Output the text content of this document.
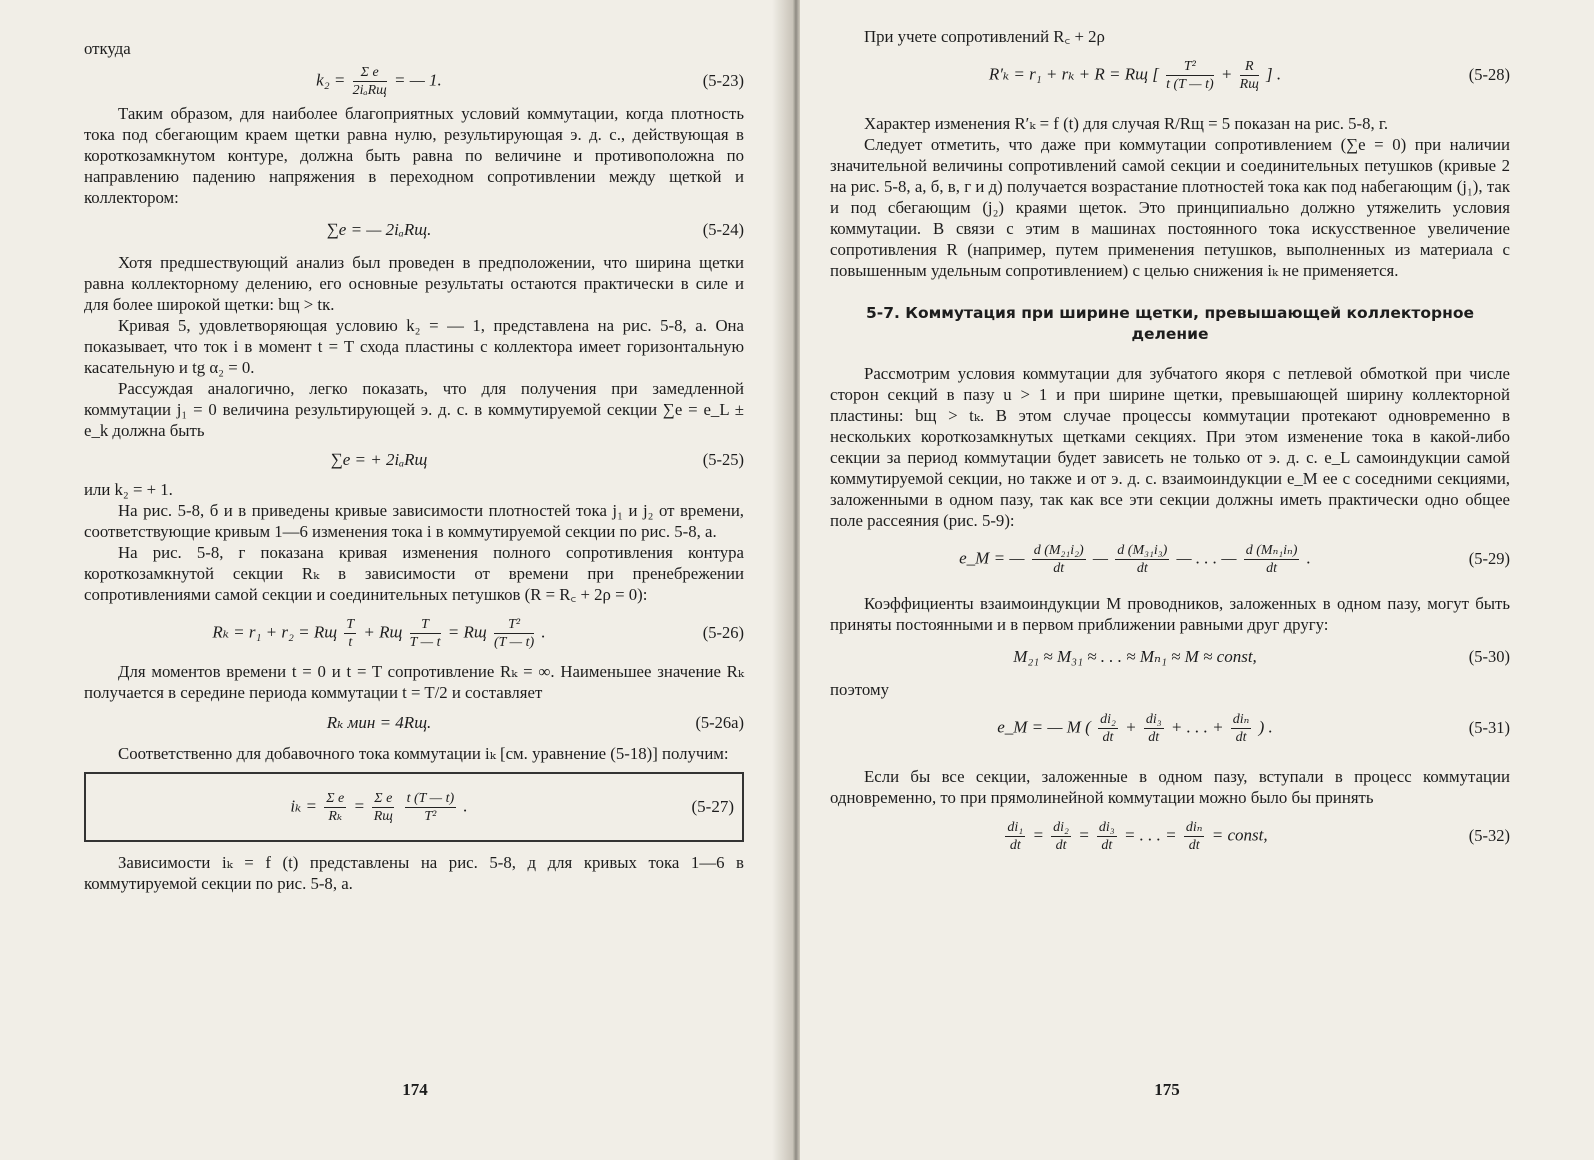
откуда

$k_2 = \frac{\text{Σ e}}{\text{2iₐRщ}}$ = — 1.	(5-23)

Таким образом, для наиболее благоприятных условий коммутации, когда плотность тока под сбегающим краем щетки равна нулю, результирующая э. д. с., действующая в короткозамкнутом контуре, должна быть равна по величине и противоположна по направлению падению напряжения в переходном сопротивлении между щеткой и коллектором:

∑e = — 2iₐRщ.	(5-24)

Хотя предшествующий анализ был проведен в предположении, что ширина щетки равна коллекторному делению, его основные результаты остаются практически в силе и для более широкой щетки: bщ > tк.

Кривая 5, удовлетворяющая условию k₂ = — 1, представлена на рис. 5-8, а. Она показывает, что ток i в момент t = T схода пластины с коллектора имеет горизонтальную касательную и tg α₂ = 0.

Рассуждая аналогично, легко показать, что для получения при замедленной коммутации j₁ = 0 величина результирующей э. д. с. в коммутируемой секции ∑e = e_L ± e_k должна быть

∑e = + 2iₐRщ	(5-25)

или k₂ = + 1.

На рис. 5-8, б и в приведены кривые зависимости плотностей тока j₁ и j₂ от времени, соответствующие кривым 1—6 изменения тока i в коммутируемой секции по рис. 5-8, а.

На рис. 5-8, г показана кривая изменения полного сопротивления контура короткозамкнутой секции Rₖ в зависимости от времени при пренебрежении сопротивлениями самой секции и соединительных петушков (R = R꜀ + 2ρ = 0):

Rₖ = r₁ + r₂ = Rщ $\frac{T}{t}$ + Rщ $\frac{T}{T — t}$ = Rщ $\frac{\text{T²}}{(T — t)}$ .	(5-26)

Для моментов времени t = 0 и t = T сопротивление Rₖ = ∞. Наименьшее значение Rₖ получается в середине периода коммутации t = T/2 и составляет

Rₖ мин = 4Rщ.	(5-26a)

Соответственно для добавочного тока коммутации iₖ [см. уравнение (5-18)] получим:

$i_k = \frac{\text{Σ e}}{\text{Rₖ}} = \frac{\text{Σ e}}{Rщ}$
$\frac{t (T — t)}{\text{T²}}$ .	(5-27)

Зависимости iₖ = f (t) представлены на рис. 5-8, д для кривых тока 1—6 в коммутируемой секции по рис. 5-8, а.

174

При учете сопротивлений R꜀ + 2ρ

R′ₖ = r₁ + rₖ + R = Rщ [ $\frac{\text{T²}}{t (T — t)} + \frac{R}{Rщ}$ ] .	(5-28)

Характер изменения R′ₖ = f (t) для случая R/Rщ = 5 показан на рис. 5-8, г.

Следует отметить, что даже при коммутации сопротивлением (∑e = 0) при наличии значительной величины сопротивлений самой секции и соединительных петушков (кривые 2 на рис. 5-8, а, б, в, г и д) получается возрастание плотностей тока как под набегающим (j₁), так и под сбегающим (j₂) краями щеток. Это принципиально должно утяжелить условия коммутации. В связи с этим в машинах постоянного тока искусственное увеличение сопротивления R (например, путем применения петушков, выполненных из материала с повышенным удельным сопротивлением) с целью снижения iₖ не применяется.

5-7. Коммутация при ширине щетки, превышающей коллекторное деление

Рассмотрим условия коммутации для зубчатого якоря с петлевой обмоткой при числе сторон секций в пазу u > 1 и при ширине щетки, превышающей ширину коллекторной пластины: bщ > tₖ. В этом случае процессы коммутации протекают одновременно в нескольких короткозамкнутых щетками секциях. При этом изменение тока в какой-либо секции за период коммутации будет зависеть не только от э. д. с. e_L самоиндукции самой коммутируемой секции, но также и от э. д. с. взаимоиндукции e_M ее с соседними секциями, заложенными в одном пазу, так как все эти секции должны иметь практически одно общее поле рассеяния (рис. 5-9):

e_M = — $\frac{\text{d (M₂₁i₂)}}{dt}$ — $\frac{\text{d (M₃₁i₃)}}{dt}$ — . . . — $\frac{\text{d (Mₙ₁iₙ)}}{dt}$ .	(5-29)

Коэффициенты взаимоиндукции M проводников, заложенных в одном пазу, могут быть приняты постоянными и в первом приближении равными друг другу:

M₂₁ ≈ M₃₁ ≈ . . . ≈ Mₙ₁ ≈ M ≈ const,	(5-30)

поэтому

e_M = — M ( $\frac{\text{di₂}}{dt} + \frac{\text{di₃}}{dt}$ + . . . + $\frac{\text{diₙ}}{dt}$ ) .	(5-31)

Если бы все секции, заложенные в одном пазу, вступали в процесс коммутации одновременно, то при прямолинейной коммутации можно было бы принять

$\frac{\text{di₁}}{dt} = \frac{\text{di₂}}{dt} = \frac{\text{di₃}}{dt}$ = . . . = $\frac{\text{diₙ}}{dt}$ = const,	(5-32)
175
